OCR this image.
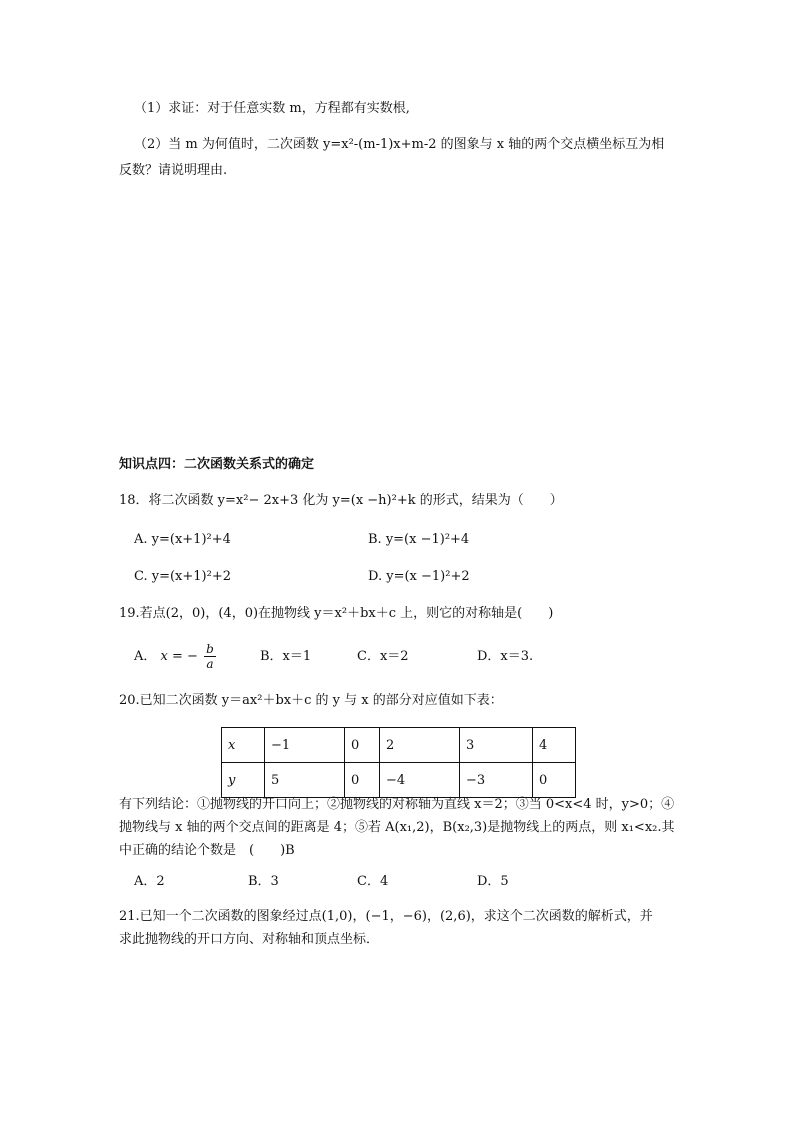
（1）求证：对于任意实数 m，方程都有实数根,
（2）当 m 为何值时，二次函数 y=x²-(m-1)x+m-2 的图象与 x 轴的两个交点横坐标互为相
反数？请说明理由.
知识点四：二次函数关系式的确定
18．将二次函数 y=x²− 2x+3 化为 y=(x −h)²+k 的形式，结果为（　　）
A. y=(x+1)²+4	B. y=(x −1)²+4
C. y=(x+1)²+2	D. y=(x −1)²+2
19.若点(2，0)，(4，0)在抛物线 y＝x²＋bx＋c 上，则它的对称轴是(　　)
A． x = − $\frac{b}{a}$	B．x＝1	C．x＝2	D．x＝3.
20.已知二次函数 y＝ax²＋bx＋c 的 y 与 x 的部分对应值如下表：
x	−1	0	2	3	4
y	5	0	−4	−3	0
有下列结论：①抛物线的开口向上；②抛物线的对称轴为直线 x＝2；③当 0<x<4 时，y>0；④
抛物线与 x 轴的两个交点间的距离是 4；⑤若 A(x₁,2)，B(x₂,3)是抛物线上的两点，则 x₁<x₂.其
中正确的结论个数是　(　　)B
A．2	B．3	C．4	D．5
21.已知一个二次函数的图象经过点(1,0)，(−1，−6)，(2,6)，求这个二次函数的解析式，并
求此抛物线的开口方向、对称轴和顶点坐标．
